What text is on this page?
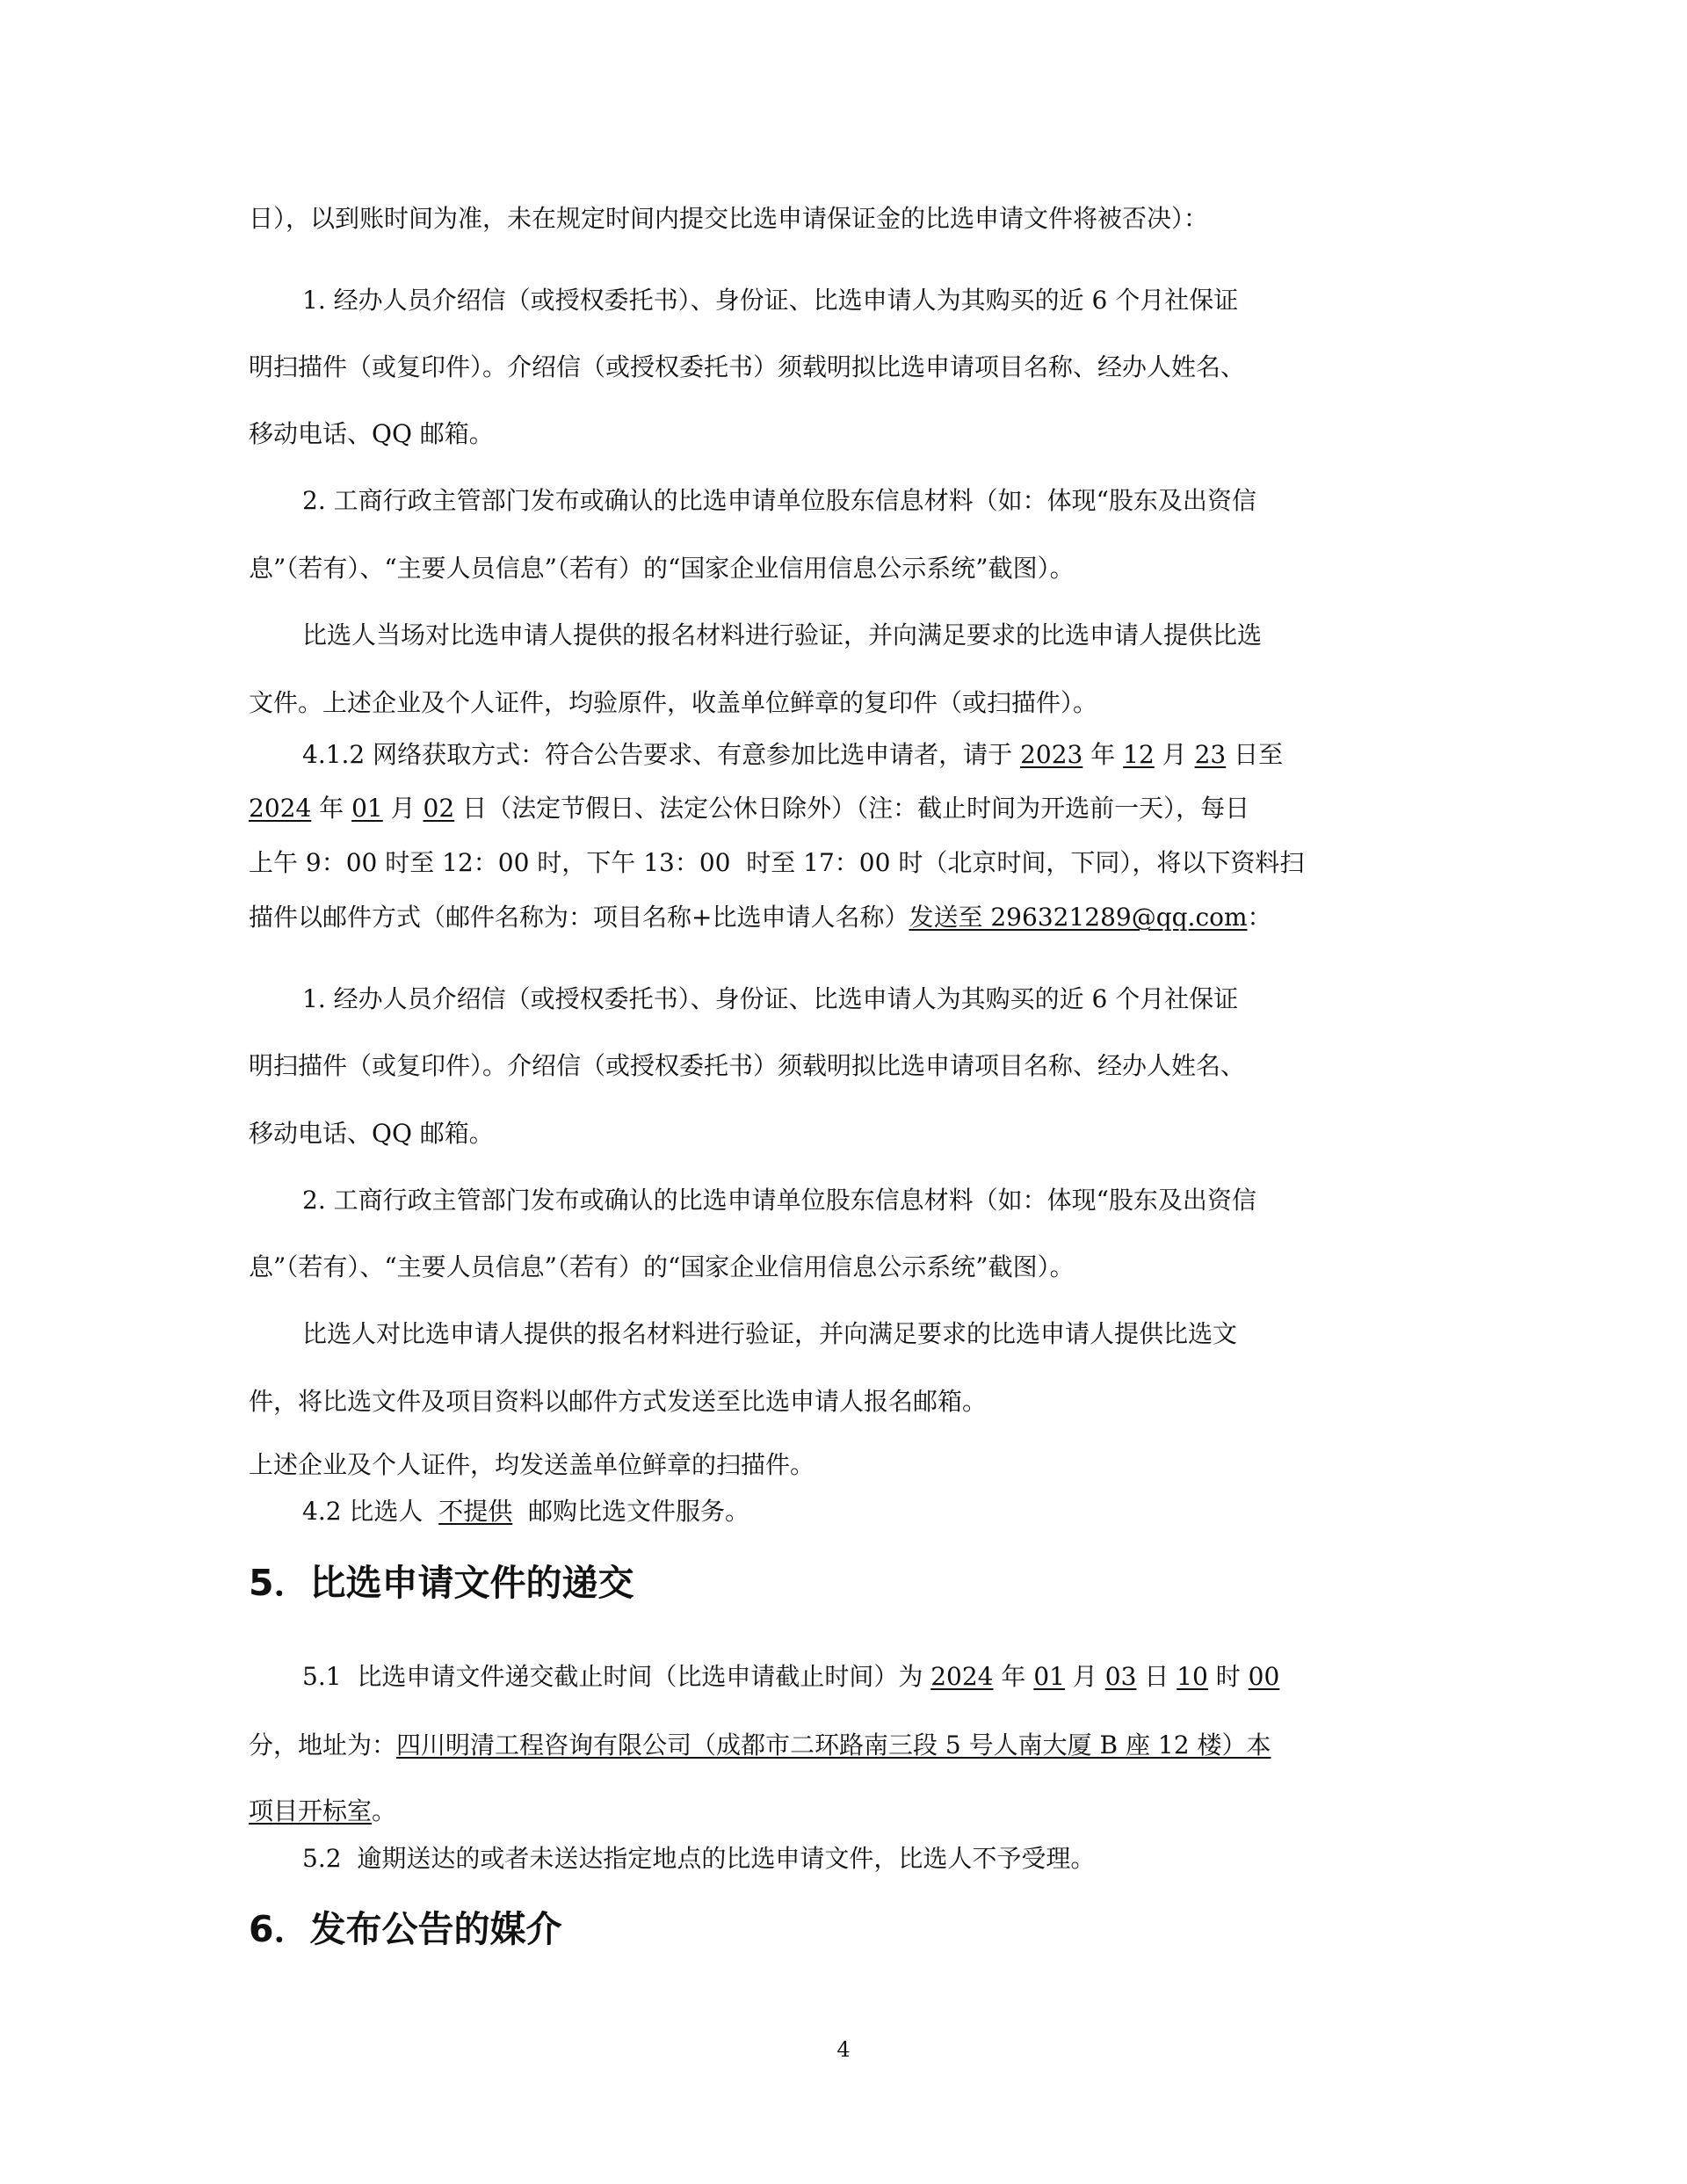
日），以到账时间为准，未在规定时间内提交比选申请保证金的比选申请文件将被否决）：
1. 经办人员介绍信（或授权委托书）、身份证、比选申请人为其购买的近 6 个月社保证
明扫描件（或复印件）。介绍信（或授权委托书）须载明拟比选申请项目名称、经办人姓名、
移动电话、QQ 邮箱。
2. 工商行政主管部门发布或确认的比选申请单位股东信息材料（如：体现“股东及出资信
息”（若有）、“主要人员信息”（若有）的“国家企业信用信息公示系统”截图）。
比选人当场对比选申请人提供的报名材料进行验证，并向满足要求的比选申请人提供比选
文件。上述企业及个人证件，均验原件，收盖单位鲜章的复印件（或扫描件）。
4.1.2 网络获取方式：符合公告要求、有意参加比选申请者，请于 2023 年 12 月 23 日至
2024 年 01 月 02 日（法定节假日、法定公休日除外）（注：截止时间为开选前一天），每日
上午 9：00 时至 12：00 时，下午 13：00  时至 17：00 时（北京时间，下同），将以下资料扫
描件以邮件方式（邮件名称为：项目名称+比选申请人名称）发送至 296321289@qq.com：
1. 经办人员介绍信（或授权委托书）、身份证、比选申请人为其购买的近 6 个月社保证
明扫描件（或复印件）。介绍信（或授权委托书）须载明拟比选申请项目名称、经办人姓名、
移动电话、QQ 邮箱。
2. 工商行政主管部门发布或确认的比选申请单位股东信息材料（如：体现“股东及出资信
息”（若有）、“主要人员信息”（若有）的“国家企业信用信息公示系统”截图）。
比选人对比选申请人提供的报名材料进行验证，并向满足要求的比选申请人提供比选文
件，将比选文件及项目资料以邮件方式发送至比选申请人报名邮箱。
上述企业及个人证件，均发送盖单位鲜章的扫描件。
4.2 比选人  不提供  邮购比选文件服务。
5．比选申请文件的递交
5.1  比选申请文件递交截止时间（比选申请截止时间）为 2024 年 01 月 03 日 10 时 00
分，地址为：四川明清工程咨询有限公司（成都市二环路南三段 5 号人南大厦 B 座 12 楼）本
项目开标室。
5.2  逾期送达的或者未送达指定地点的比选申请文件，比选人不予受理。
6．发布公告的媒介
4
